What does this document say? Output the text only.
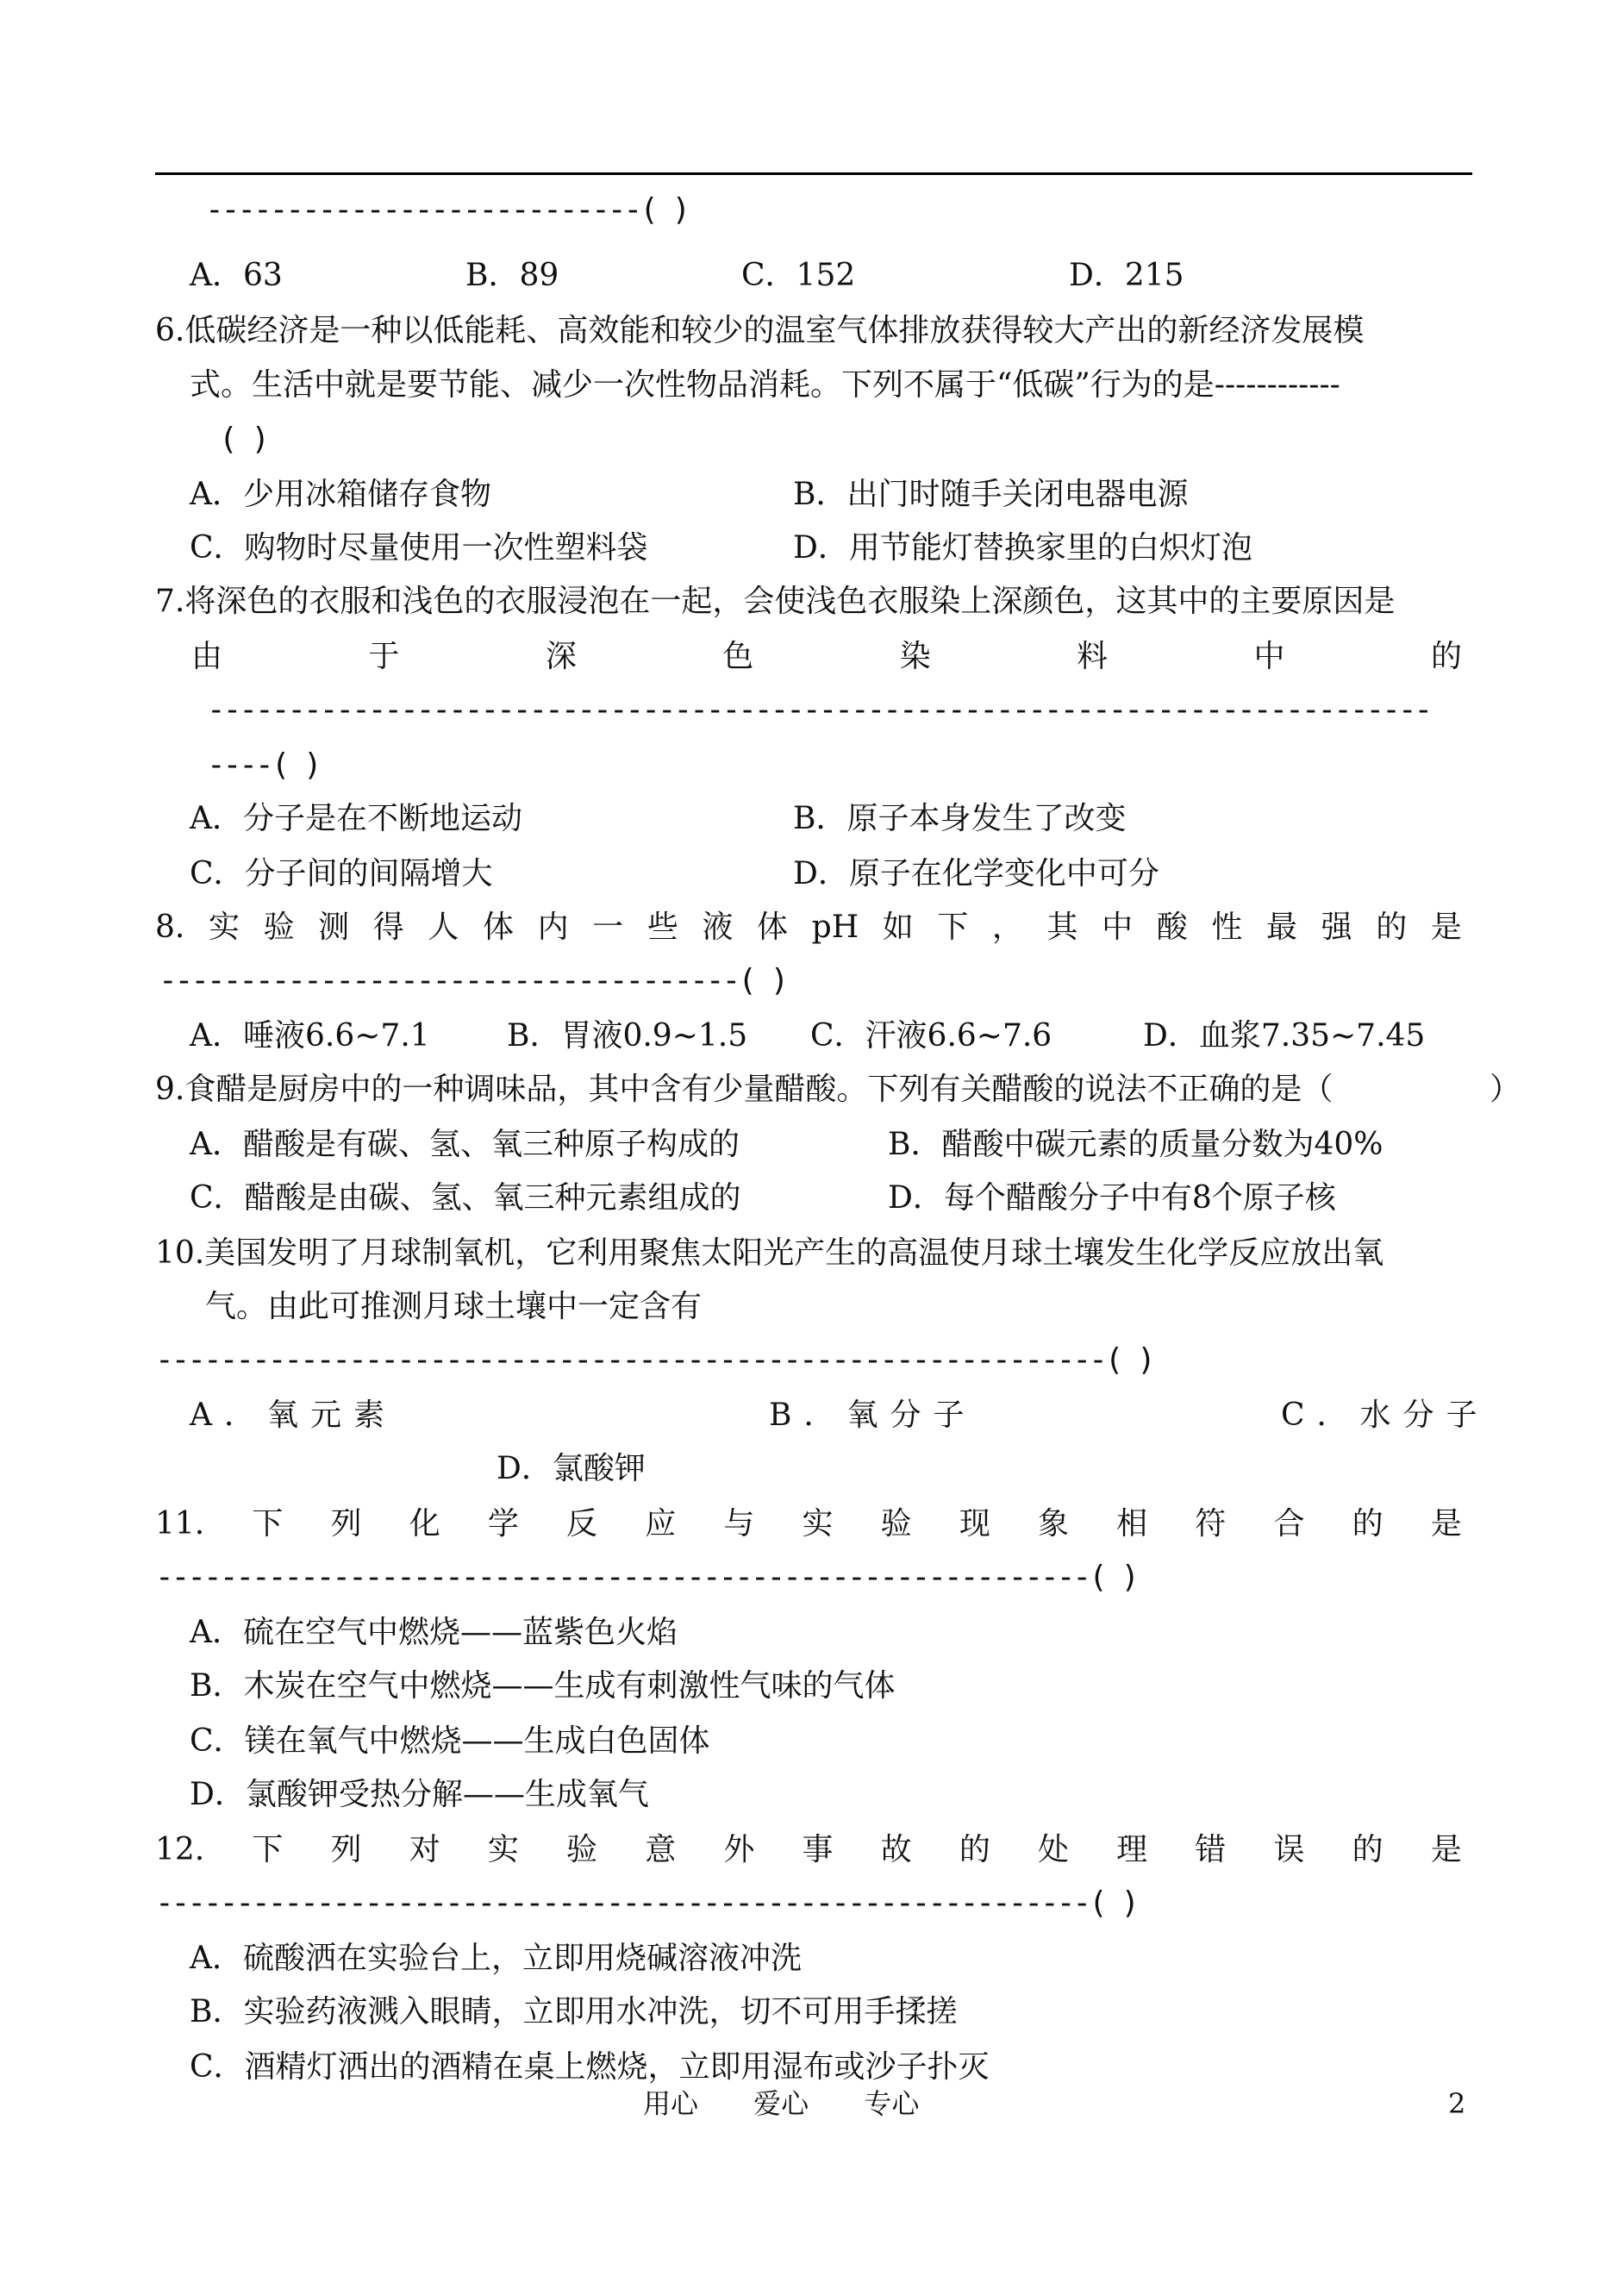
---------------------------( )
A．63	B．89	C．152	D．215
6.低碳经济是一种以低能耗、高效能和较少的温室气体排放获得较大产出的新经济发展模
式。生活中就是要节能、减少一次性物品消耗。下列不属于“低碳”行为的是------------
( )
A．少用冰箱储存食物	B．出门时随手关闭电器电源
C．购物时尽量使用一次性塑料袋	D．用节能灯替换家里的白炽灯泡
7.将深色的衣服和浅色的衣服浸泡在一起，会使浅色衣服染上深颜色，这其中的主要原因是
由	于	深	色	染	料	中	的
----------------------------------------------------------------------------
----( )
A．分子是在不断地运动	B．原子本身发生了改变
C．分子间的间隔增大	D．原子在化学变化中可分
8. 实 验 测 得 人 体 内 一 些 液 体 pH 如 下 ， 其 中 酸 性 最 强 的 是
------------------------------------( )
A．唾液6.6~7.1 B．胃液0.9~1.5 C．汗液6.6~7.6	D．血浆7.35~7.45
9.食醋是厨房中的一种调味品，其中含有少量醋酸。下列有关醋酸的说法不正确的是（	）
A．醋酸是有碳、氢、氧三种原子构成的	B．醋酸中碳元素的质量分数为40%
C．醋酸是由碳、氢、氧三种元素组成的	D．每个醋酸分子中有8个原子核
10.美国发明了月球制氧机，它利用聚焦太阳光产生的高温使月球土壤发生化学反应放出氧
气。由此可推测月球土壤中一定含有
-----------------------------------------------------------( )
A．氧元素	B．氧分子	C．水分子
D．氯酸钾
11. 下 列 化 学 反 应 与 实 验 现 象 相 符 合 的 是
----------------------------------------------------------( )
A．硫在空气中燃烧——蓝紫色火焰
B．木炭在空气中燃烧——生成有刺激性气味的气体
C．镁在氧气中燃烧——生成白色固体
D．氯酸钾受热分解——生成氧气
12. 下 列 对 实 验 意 外 事 故 的 处 理 错 误 的 是
----------------------------------------------------------( )
A．硫酸洒在实验台上，立即用烧碱溶液冲洗
B．实验药液溅入眼睛，立即用水冲洗，切不可用手揉搓
C．酒精灯洒出的酒精在桌上燃烧，立即用湿布或沙子扑灭
用心 爱心 专心	2
